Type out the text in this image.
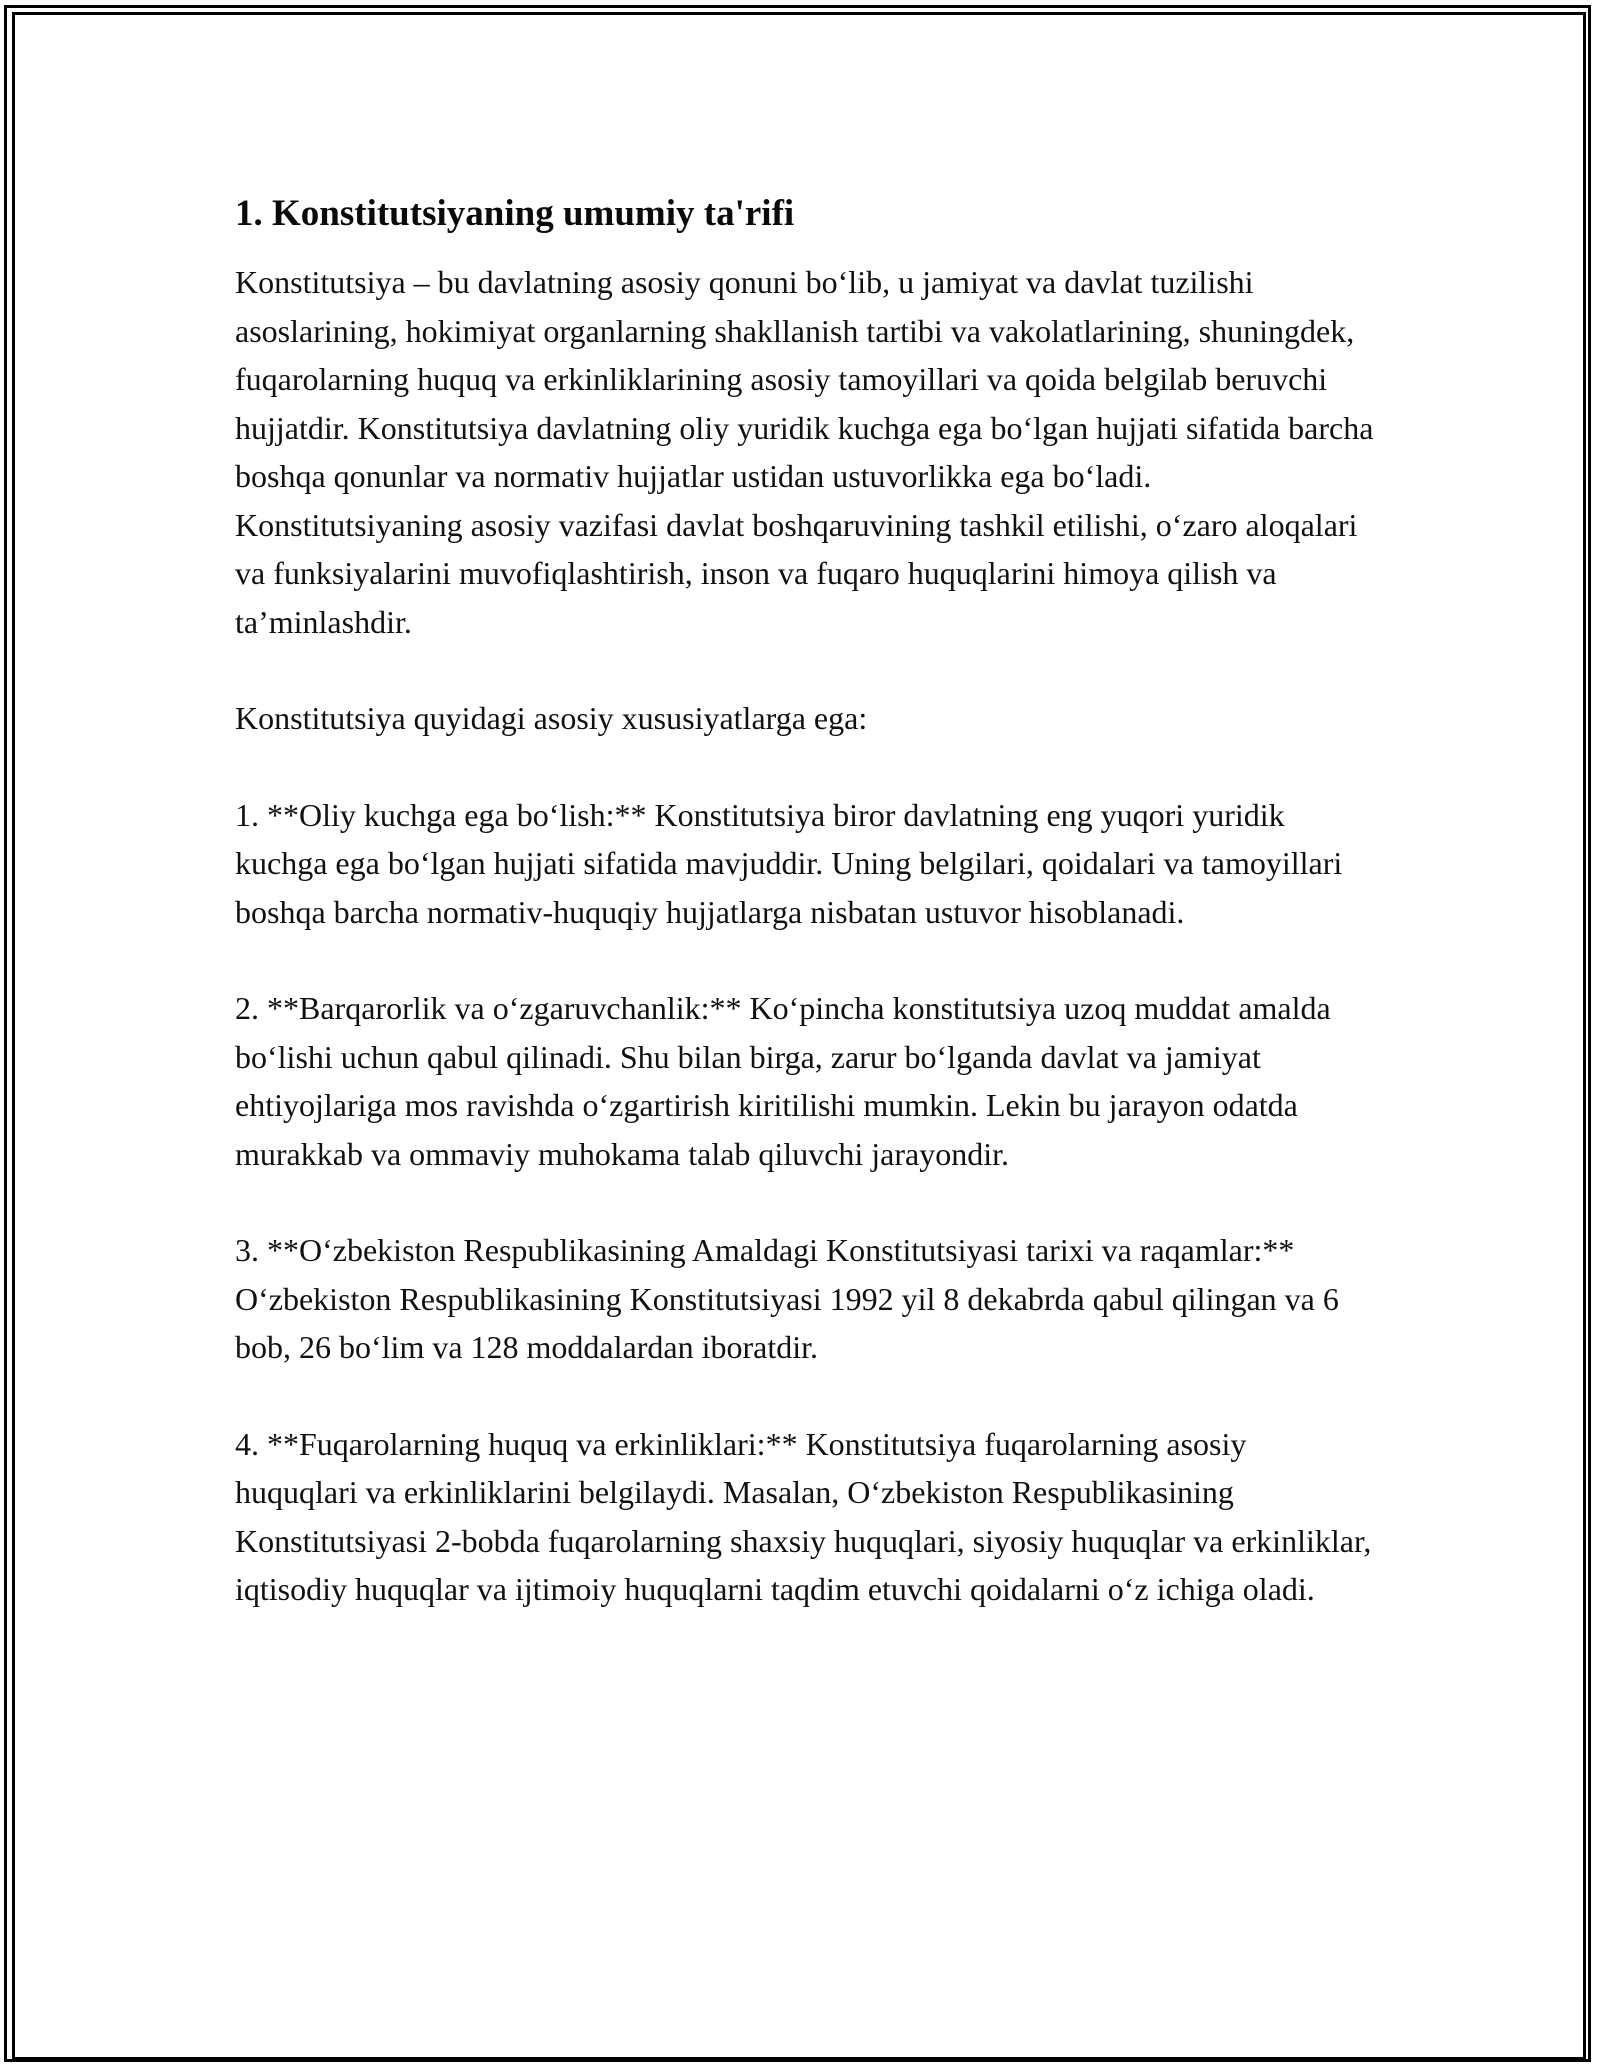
1. Konstitutsiyaning umumiy ta'rifi

Konstitutsiya – bu davlatning asosiy qonuni bo‘lib, u jamiyat va davlat tuzilishi asoslarining, hokimiyat organlarning shakllanish tartibi va vakolatlarining, shuningdek, fuqarolarning huquq va erkinliklarining asosiy tamoyillari va qoida belgilab beruvchi hujjatdir. Konstitutsiya davlatning oliy yuridik kuchga ega bo‘lgan hujjati sifatida barcha boshqa qonunlar va normativ hujjatlar ustidan ustuvorlikka ega bo‘ladi. Konstitutsiyaning asosiy vazifasi davlat boshqaruvining tashkil etilishi, o‘zaro aloqalari va funksiyalarini muvofiqlashtirish, inson va fuqaro huquqlarini himoya qilish va ta’minlashdir.

Konstitutsiya quyidagi asosiy xususiyatlarga ega:

1. **Oliy kuchga ega bo‘lish:** Konstitutsiya biror davlatning eng yuqori yuridik kuchga ega bo‘lgan hujjati sifatida mavjuddir. Uning belgilari, qoidalari va tamoyillari boshqa barcha normativ-huquqiy hujjatlarga nisbatan ustuvor hisoblanadi.

2. **Barqarorlik va o‘zgaruvchanlik:** Ko‘pincha konstitutsiya uzoq muddat amalda bo‘lishi uchun qabul qilinadi. Shu bilan birga, zarur bo‘lganda davlat va jamiyat ehtiyojlariga mos ravishda o‘zgartirish kiritilishi mumkin. Lekin bu jarayon odatda murakkab va ommaviy muhokama talab qiluvchi jarayondir.

3. **O‘zbekiston Respublikasining Amaldagi Konstitutsiyasi tarixi va raqamlar:** O‘zbekiston Respublikasining Konstitutsiyasi 1992 yil 8 dekabrda qabul qilingan va 6 bob, 26 bo‘lim va 128 moddalardan iboratdir.

4. **Fuqarolarning huquq va erkinliklari:** Konstitutsiya fuqarolarning asosiy huquqlari va erkinliklarini belgilaydi. Masalan, O‘zbekiston Respublikasining Konstitutsiyasi 2-bobda fuqarolarning shaxsiy huquqlari, siyosiy huquqlar va erkinliklar, iqtisodiy huquqlar va ijtimoiy huquqlarni taqdim etuvchi qoidalarni o‘z ichiga oladi.
